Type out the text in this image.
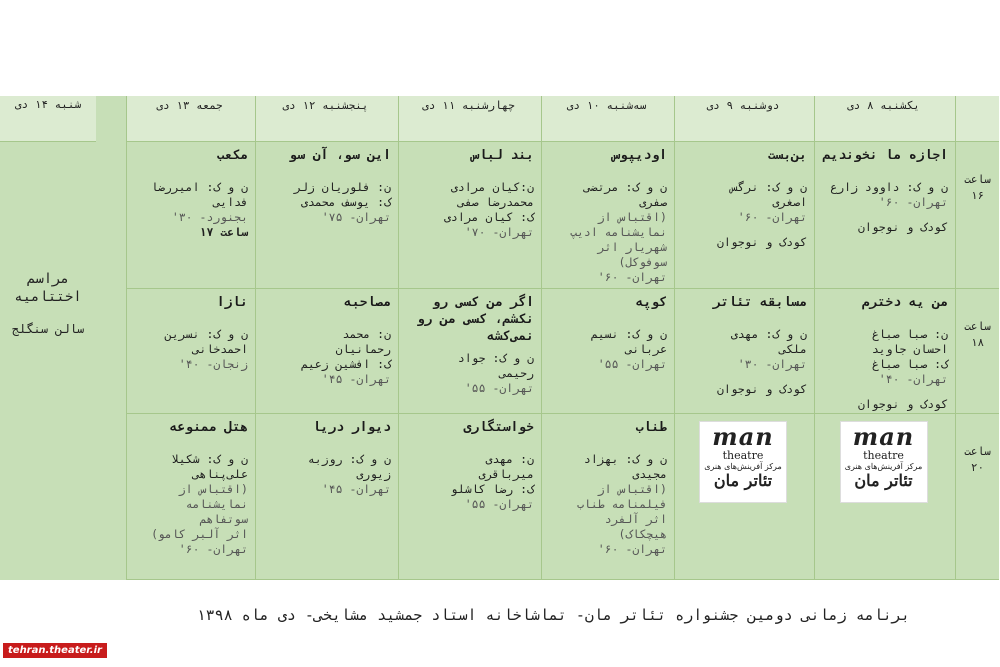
شنبه ۱۴ دی
مراسم اختتامیه
سالن سنگلج
یکشنبه ۸ دی
دوشنبه ۹ دی
سه‌شنبه ۱۰ دی
چهارشنبه ۱۱ دی
پنجشنبه ۱۲ دی
جمعه ۱۳ دی
ساعت ۱۶
اجازه ما نخوندیم
ن و ک: داوود زارع
تهران- ۶۰'
کودک و نوجوان
بن‌بست
ن و ک: نرگس
اصغری
تهران- ۶۰'
کودک و نوجوان
اودیپوس
ن و ک: مرتضی
صفری
(اقتباس از
نمایشنامه ادیپ
شهریار اثر
سوفوکل)
تهران- ۶۰'
بند لباس
ن:کیان مرادی
محمدرضا صفی
ک: کیان مرادی
تهران- ۷۰'
این سو، آن سو
ن: فلوریان زلر
ک: یوسف محمدی
تهران- ۷۵'
مکعب
ن و ک: امیررضا
فدایی
بجنورد- ۳۰'
ساعت ۱۷
ساعت ۱۸
من یه دخترم
ن: صبا صباغ
احسان جاوید
ک: صبا صباغ
تهران- ۴۰'
کودک و نوجوان
مسابقه تئاتر
ن و ک: مهدی
ملکی
تهران- ۳۰'
کودک و نوجوان
کوپه
ن و ک: نسیم
عربانی
تهران- ۵۵'
اگر من کسی رو نکشم، کسی من رو نمی‌کشه
ن و ک: جواد
رحیمی
تهران- ۵۵'
مصاحبه
ن: محمد
رحمانیان
ک: افشین زعیم
تهران- ۴۵'
نازا
ن و ک: نسرین
احمدخانی
زنجان- ۴۰'
ساعت ۲۰
man
theatre
مرکز آفرینش‌های هنری
تئاتر مان
man
theatre
مرکز آفرینش‌های هنری
تئاتر مان
طناب
ن و ک: بهزاد
مجیدی
(اقتباس از
فیلمنامه طناب
اثر آلفرد
هیچکاک)
تهران- ۶۰'
خواستگاری
ن: مهدی
میرباقری
ک: رضا کاشلو
تهران- ۵۵'
دیوار دریا
ن و ک: روزبه
زیوری
تهران- ۴۵'
هتل ممنوعه
ن و ک: شکیلا
علی‌پناهی
(اقتباس از
نمایشنامه سوتفاهم
اثر آلبر کامو)
تهران- ۶۰'
برنامه زمانی دومین جشنواره تئاتر مان- تماشاخانه استاد جمشید مشایخی- دی ماه ۱۳۹۸
tehran.theater.ir
